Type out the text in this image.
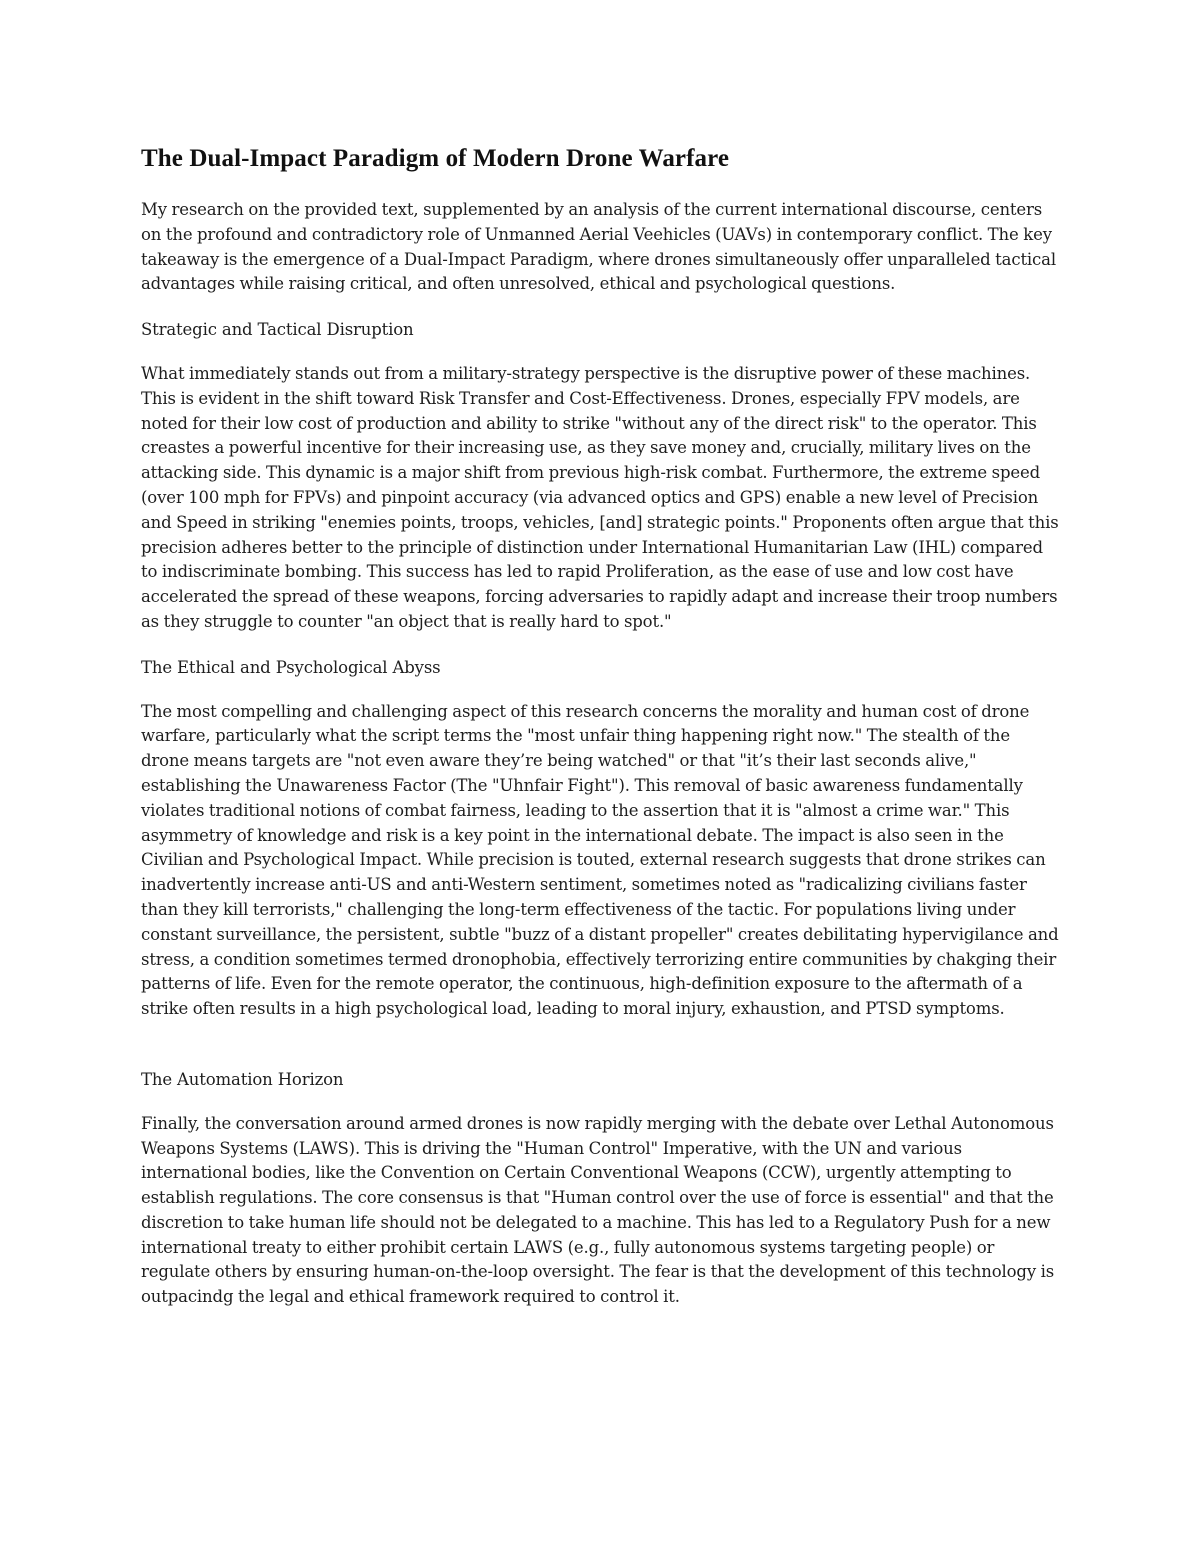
The Dual-Impact Paradigm of Modern Drone Warfare

My research on the provided text, supplemented by an analysis of the current international discourse, centers on the profound and contradictory role of Unmanned Aerial Veehicles (UAVs) in contemporary conflict. The key takeaway is the emergence of a Dual-Impact Paradigm, where drones simultaneously offer unparalleled tactical advantages while raising critical, and often unresolved, ethical and psychological questions.

Strategic and Tactical Disruption

What immediately stands out from a military-strategy perspective is the disruptive power of these machines. This is evident in the shift toward Risk Transfer and Cost-Effectiveness. Drones, especially FPV models, are noted for their low cost of production and ability to strike "without any of the direct risk" to the operator. This creastes a powerful incentive for their increasing use, as they save money and, crucially, military lives on the attacking side. This dynamic is a major shift from previous high-risk combat. Furthermore, the extreme speed (over 100 mph for FPVs) and pinpoint accuracy (via advanced optics and GPS) enable a new level of Precision and Speed in striking "enemies points, troops, vehicles, [and] strategic points." Proponents often argue that this precision adheres better to the principle of distinction under International Humanitarian Law (IHL) compared to indiscriminate bombing. This success has led to rapid Proliferation, as the ease of use and low cost have accelerated the spread of these weapons, forcing adversaries to rapidly adapt and increase their troop numbers as they struggle to counter "an object that is really hard to spot."

The Ethical and Psychological Abyss

The most compelling and challenging aspect of this research concerns the morality and human cost of drone warfare, particularly what the script terms the "most unfair thing happening right now." The stealth of the drone means targets are "not even aware they’re being watched" or that "it’s their last seconds alive," establishing the Unawareness Factor (The "Uhnfair Fight"). This removal of basic awareness fundamentally violates traditional notions of combat fairness, leading to the assertion that it is "almost a crime war." This asymmetry of knowledge and risk is a key point in the international debate. The impact is also seen in the Civilian and Psychological Impact. While precision is touted, external research suggests that drone strikes can inadvertently increase anti-US and anti-Western sentiment, sometimes noted as "radicalizing civilians faster than they kill terrorists," challenging the long-term effectiveness of the tactic. For populations living under constant surveillance, the persistent, subtle "buzz of a distant propeller" creates debilitating hypervigilance and stress, a condition sometimes termed dronophobia, effectively terrorizing entire communities by chakging their patterns of life. Even for the remote operator, the continuous, high-definition exposure to the aftermath of a strike often results in a high psychological load, leading to moral injury, exhaustion, and PTSD symptoms.

The Automation Horizon

Finally, the conversation around armed drones is now rapidly merging with the debate over Lethal Autonomous Weapons Systems (LAWS). This is driving the "Human Control" Imperative, with the UN and various international bodies, like the Convention on Certain Conventional Weapons (CCW), urgently attempting to establish regulations. The core consensus is that "Human control over the use of force is essential" and that the discretion to take human life should not be delegated to a machine. This has led to a Regulatory Push for a new international treaty to either prohibit certain LAWS (e.g., fully autonomous systems targeting people) or regulate others by ensuring human-on-the-loop oversight. The fear is that the development of this technology is outpacindg the legal and ethical framework required to control it.
